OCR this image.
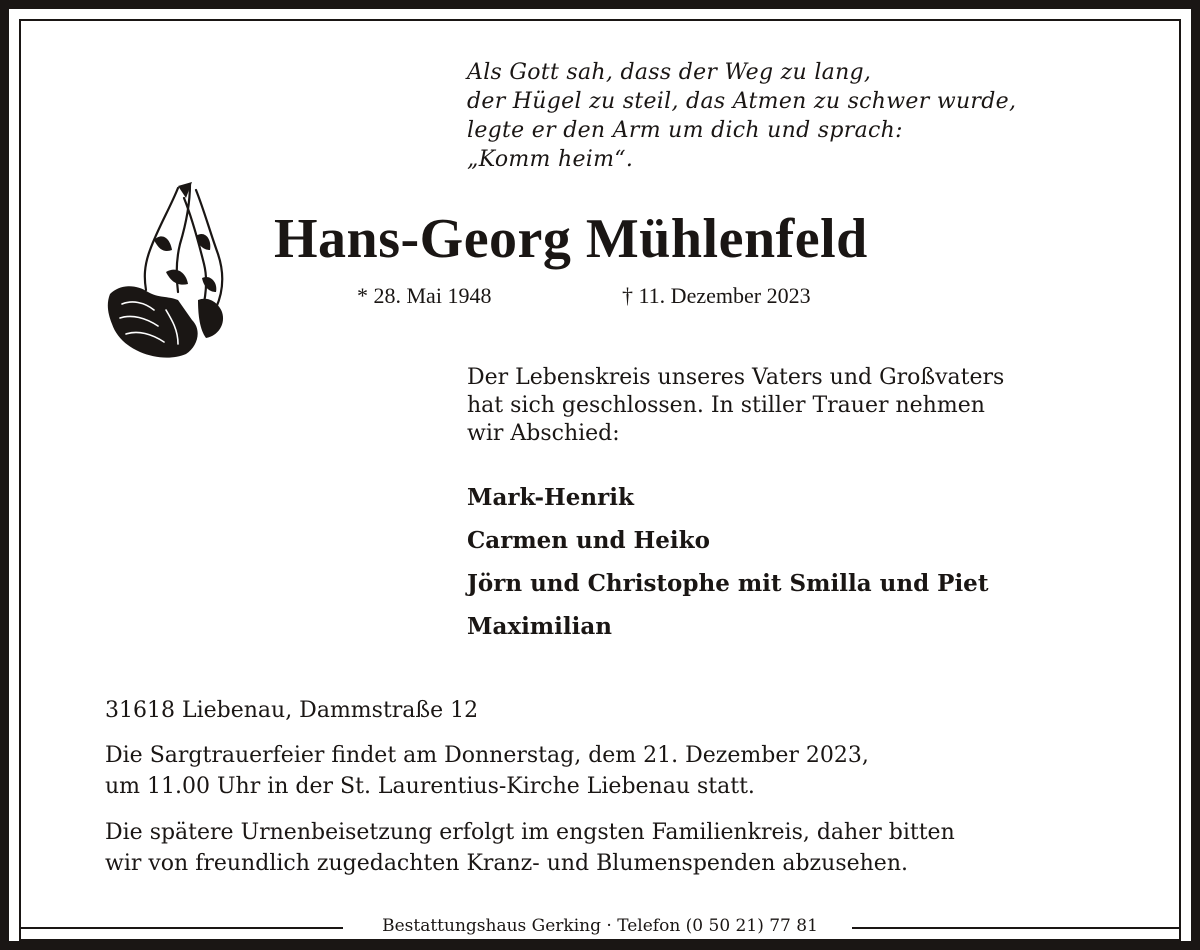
Als Gott sah, dass der Weg zu lang,
der Hügel zu steil, das Atmen zu schwer wurde,
legte er den Arm um dich und sprach:
„Komm heim“.
Hans-Georg Mühlenfeld
* 28. Mai 1948	† 11. Dezember 2023
Der Lebenskreis unseres Vaters und Großvaters
hat sich geschlossen. In stiller Trauer nehmen
wir Abschied:
Mark-Henrik
Carmen und Heiko
Jörn und Christophe mit Smilla und Piet
Maximilian
31618 Liebenau, Dammstraße 12
Die Sargtrauerfeier findet am Donnerstag, dem 21. Dezember 2023,
um 11.00 Uhr in der St. Laurentius-Kirche Liebenau statt.
Die spätere Urnenbeisetzung erfolgt im engsten Familienkreis, daher bitten
wir von freundlich zugedachten Kranz- und Blumenspenden abzusehen.
Bestattungshaus Gerking · Telefon (0 50 21) 77 81
